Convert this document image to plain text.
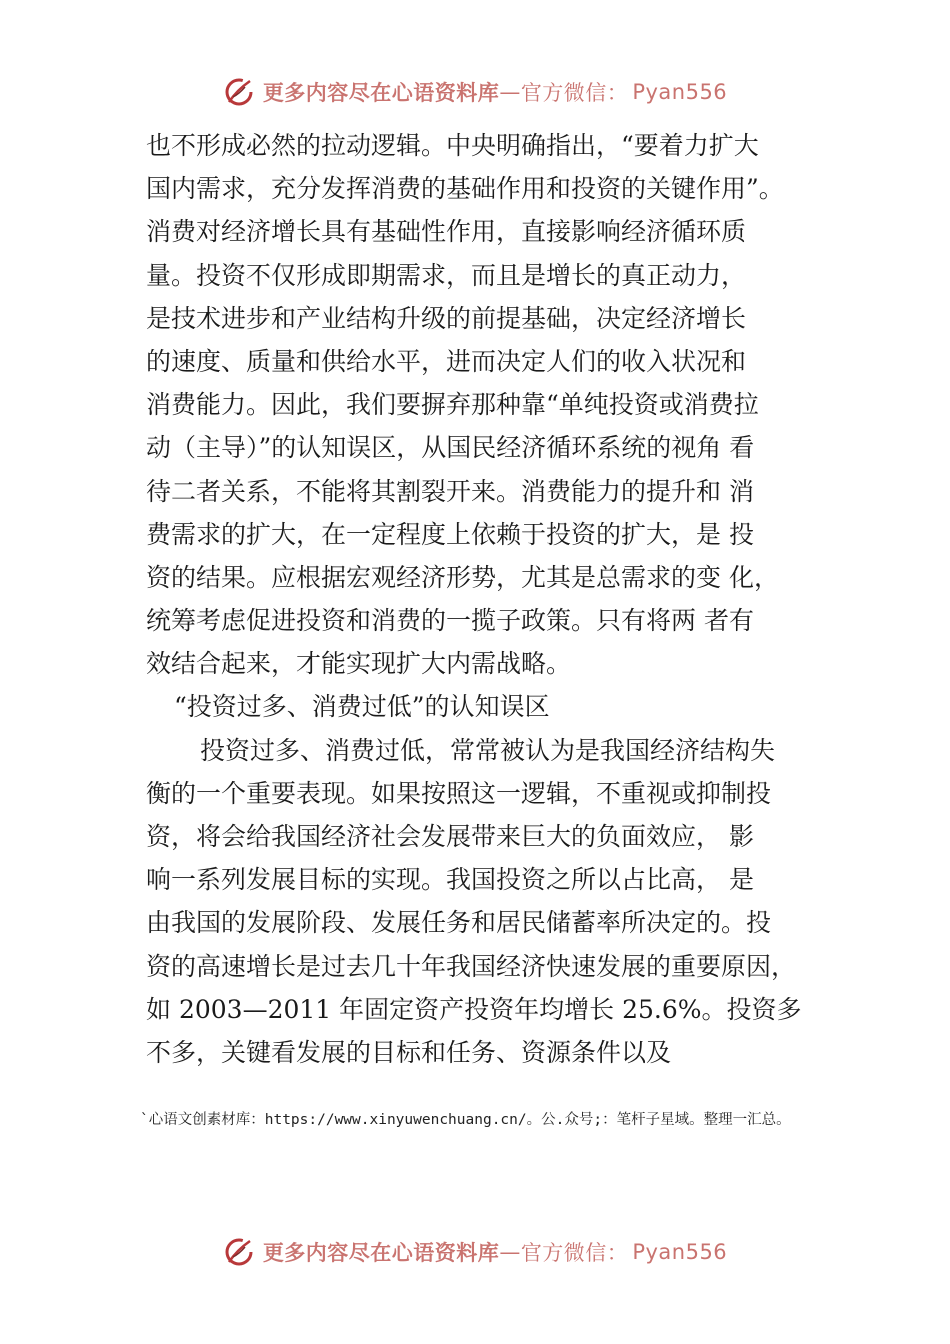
更多内容尽在心语资料库 — 官方微信： Pyan556
也不形成必然的拉动逻辑。中央明确指出，“要着力扩大
国内需求，充分发挥消费的基础作用和投资的关键作用”。
消费对经济增长具有基础性作用，直接影响经济循环质
量。投资不仅形成即期需求，而且是增长的真正动力，
是技术进步和产业结构升级的前提基础，决定经济增长
的速度、质量和供给水平，进而决定人们的收入状况和
消费能力。因此，我们要摒弃那种靠“单纯投资或消费拉
动（主导）”的认知误区，从国民经济循环系统的视角 看
待二者关系，不能将其割裂开来。消费能力的提升和 消
费需求的扩大，在一定程度上依赖于投资的扩大，是 投
资的结果。应根据宏观经济形势，尤其是总需求的变 化，
统筹考虑促进投资和消费的一揽子政策。只有将两 者有
效结合起来，才能实现扩大内需战略。
“投资过多、消费过低”的认知误区
投资过多、消费过低，常常被认为是我国经济结构失
衡的一个重要表现。如果按照这一逻辑，不重视或抑制投
资，将会给我国经济社会发展带来巨大的负面效应， 影
响一系列发展目标的实现。我国投资之所以占比高， 是
由我国的发展阶段、发展任务和居民储蓄率所决定的。投
资的高速增长是过去几十年我国经济快速发展的重要原因，
如 2003—2011 年固定资产投资年均增长 25.6%。投资多
不多，关键看发展的目标和任务、资源条件以及
`心语文创素材库：https://www.xinyuwenchuang.cn/。公.众号;：笔杆子星域。整理一汇总。
更多内容尽在心语资料库 — 官方微信： Pyan556
